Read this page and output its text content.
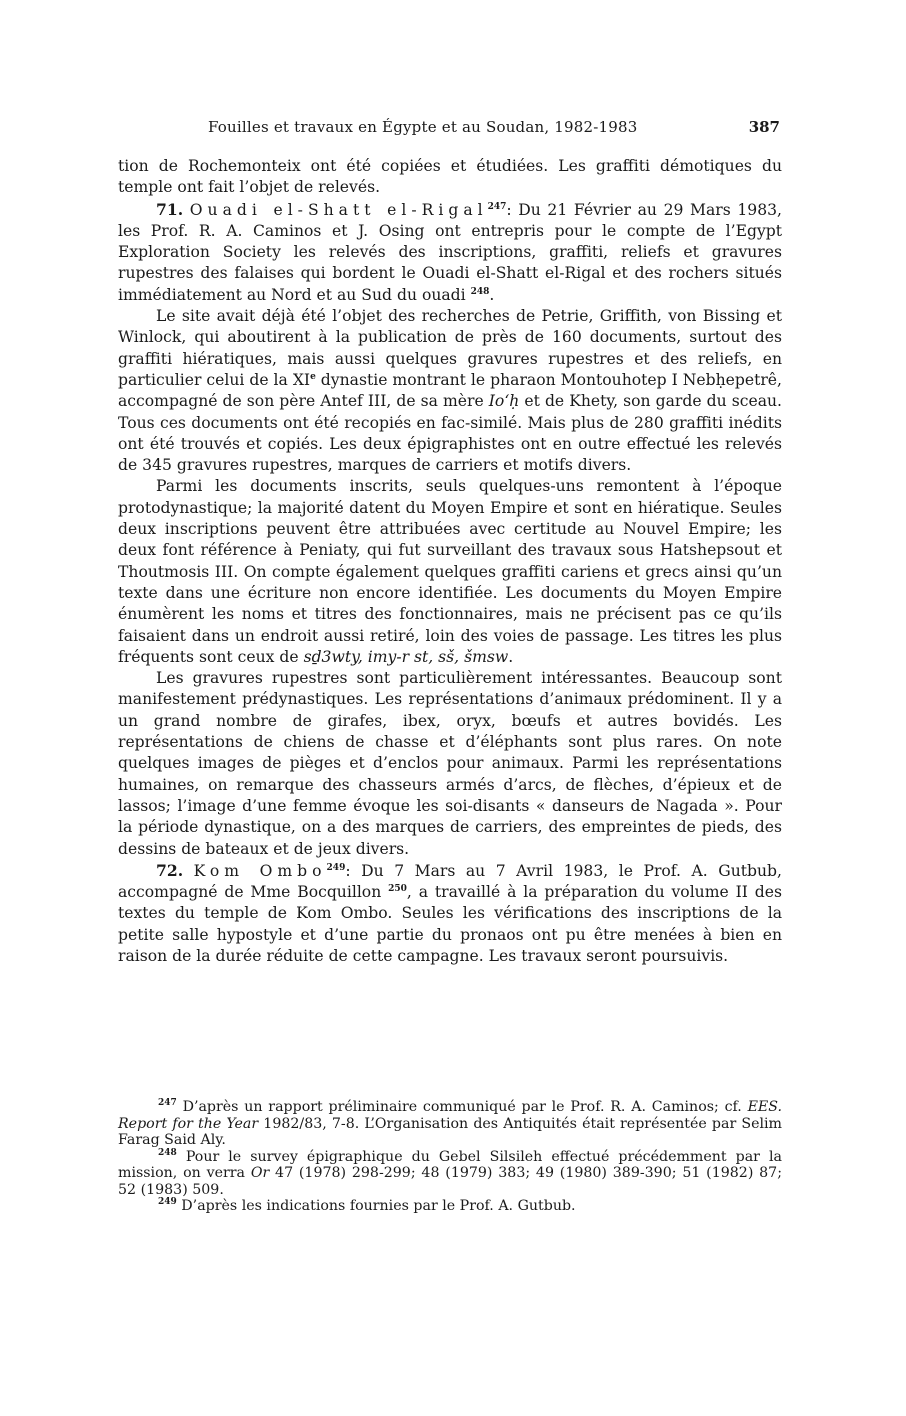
Fouilles et travaux en Égypte et au Soudan, 1982-1983	387

tion de Rochemonteix ont été copiées et étudiées. Les graffiti démotiques du temple ont fait l’objet de relevés.

71. Ouadi el-Shatt el-Rigal$^{247}$: Du 21 Février au 29 Mars 1983, les Prof. R. A. Caminos et J. Osing ont entrepris pour le compte de l’Egypt Exploration Society les relevés des inscriptions, graffiti, reliefs et gravures rupestres des falaises qui bordent le Ouadi el-Shatt el-Rigal et des rochers situés immédiatement au Nord et au Sud du ouadi $^{248}$.

Le site avait déjà été l’objet des recherches de Petrie, Griffith, von Bissing et Winlock, qui aboutirent à la publication de près de 160 documents, surtout des graffiti hiératiques, mais aussi quelques gravures rupestres et des reliefs, en particulier celui de la XIe dynastie montrant le pharaon Montouhotep I Nebḥepetrê, accompagné de son père Antef III, de sa mère Io‘ḥ et de Khety, son garde du sceau. Tous ces documents ont été recopiés en fac-similé. Mais plus de 280 graffiti inédits ont été trouvés et copiés. Les deux épigraphistes ont en outre effectué les relevés de 345 gravures rupestres, marques de carriers et motifs divers.

Parmi les documents inscrits, seuls quelques-uns remontent à l’époque protodynastique; la majorité datent du Moyen Empire et sont en hiératique. Seules deux inscriptions peuvent être attribuées avec certitude au Nouvel Empire; les deux font référence à Peniaty, qui fut surveillant des travaux sous Hatshepsout et Thoutmosis III. On compte également quelques graffiti cariens et grecs ainsi qu’un texte dans une écriture non encore identifiée. Les documents du Moyen Empire énumèrent les noms et titres des fonctionnaires, mais ne précisent pas ce qu’ils faisaient dans un endroit aussi retiré, loin des voies de passage. Les titres les plus fréquents sont ceux de sḏ3wty, imy-r st, sš, šmsw.

Les gravures rupestres sont particulièrement intéressantes. Beaucoup sont manifestement prédynastiques. Les représentations d’animaux prédominent. Il y a un grand nombre de girafes, ibex, oryx, bœufs et autres bovidés. Les représentations de chiens de chasse et d’éléphants sont plus rares. On note quelques images de pièges et d’enclos pour animaux. Parmi les représentations humaines, on remarque des chasseurs armés d’arcs, de flèches, d’épieux et de lassos; l’image d’une femme évoque les soi-disants « danseurs de Nagada ». Pour la période dynastique, on a des marques de carriers, des empreintes de pieds, des dessins de bateaux et de jeux divers.

72. Kom Ombo$^{249}$: Du 7 Mars au 7 Avril 1983, le Prof. A. Gutbub, accompagné de Mme Bocquillon $^{250}$, a travaillé à la préparation du volume II des textes du temple de Kom Ombo. Seules les vérifications des inscriptions de la petite salle hypostyle et d’une partie du pronaos ont pu être menées à bien en raison de la durée réduite de cette campagne. Les travaux seront poursuivis.

$^{247}$ D’après un rapport préliminaire communiqué par le Prof. R. A. Caminos; cf. EES. Report for the Year 1982/83, 7-8. L’Organisation des Antiquités était représentée par Selim Farag Said Aly.

$^{248}$ Pour le survey épigraphique du Gebel Silsileh effectué précédemment par la mission, on verra Or 47 (1978) 298-299; 48 (1979) 383; 49 (1980) 389-390; 51 (1982) 87; 52 (1983) 509.

$^{249}$ D’après les indications fournies par le Prof. A. Gutbub.
